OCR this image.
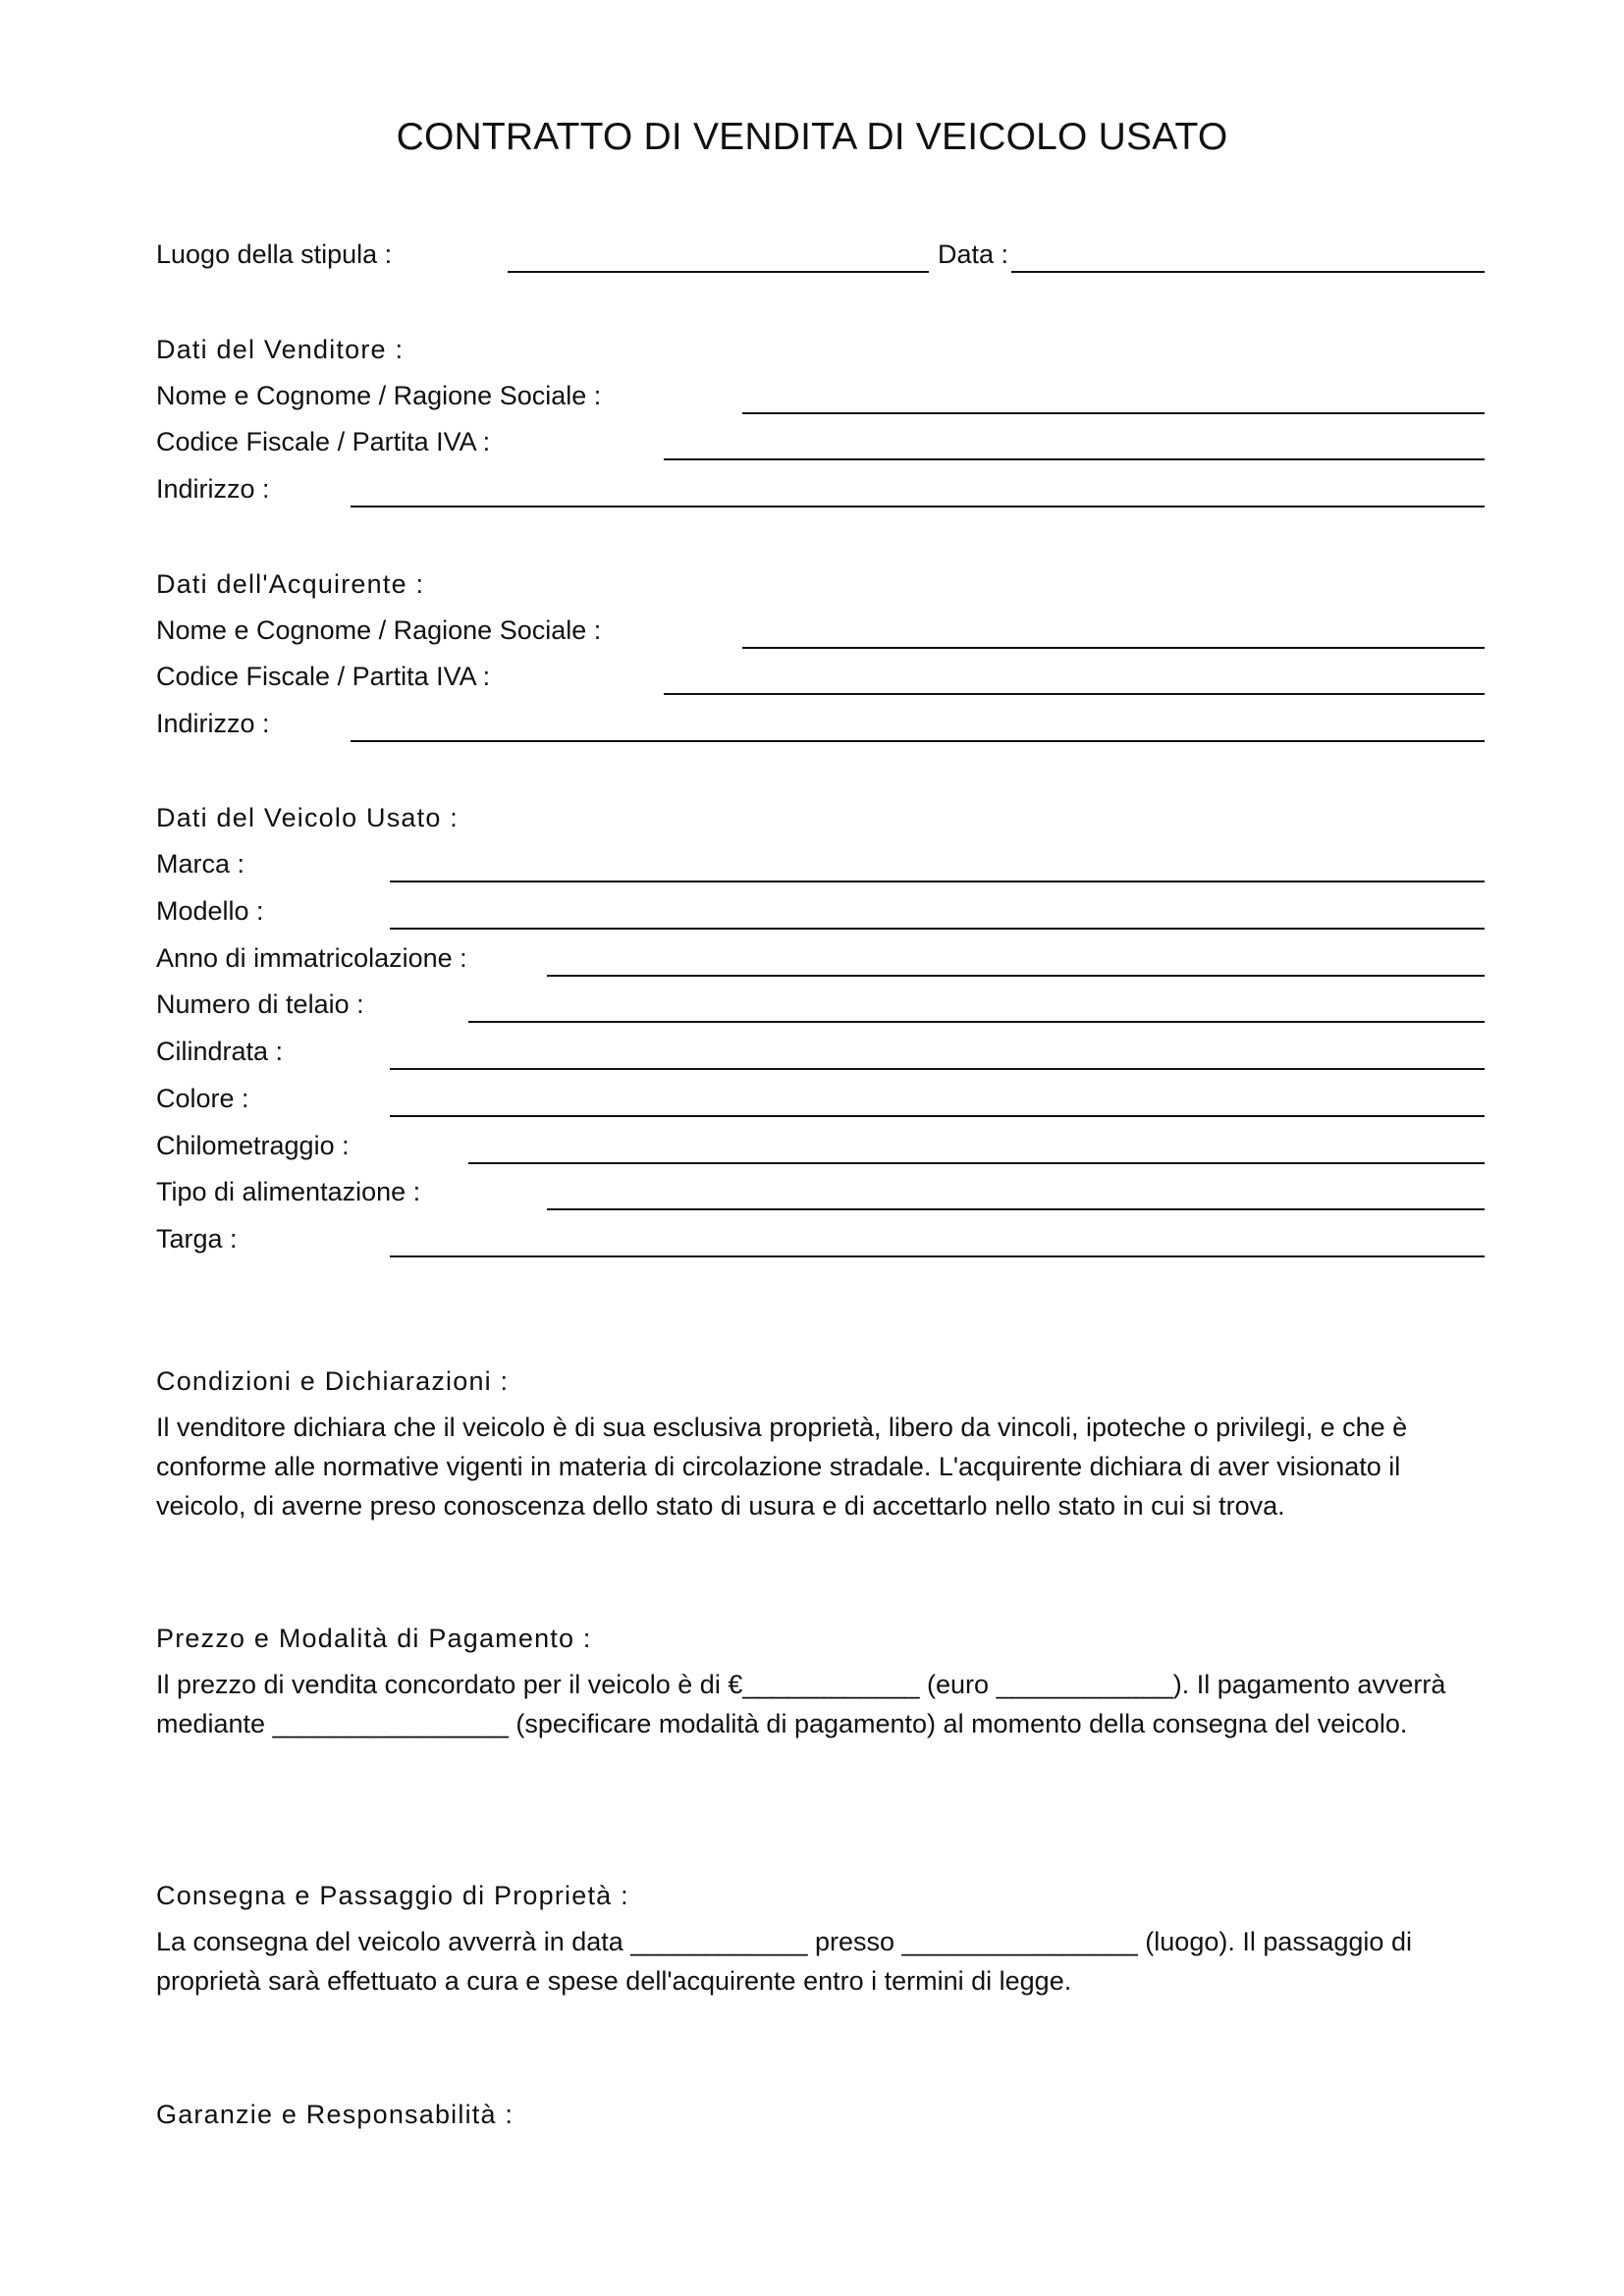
CONTRATTO DI VENDITA DI VEICOLO USATO
Luogo della stipula :	Data :
Dati del Venditore :
Nome e Cognome / Ragione Sociale :
Codice Fiscale / Partita IVA :
Indirizzo :
Dati dell'Acquirente :
Nome e Cognome / Ragione Sociale :
Codice Fiscale / Partita IVA :
Indirizzo :
Dati del Veicolo Usato :
Marca :
Modello :
Anno di immatricolazione :
Numero di telaio :
Cilindrata :
Colore :
Chilometraggio :
Tipo di alimentazione :
Targa :
Condizioni e Dichiarazioni :

Il venditore dichiara che il veicolo è di sua esclusiva proprietà, libero da vincoli, ipoteche o privilegi, e che è conforme alle normative vigenti in materia di circolazione stradale. L'acquirente dichiara di aver visionato il veicolo, di averne preso conoscenza dello stato di usura e di accettarlo nello stato in cui si trova.

Prezzo e Modalità di Pagamento :

Il prezzo di vendita concordato per il veicolo è di €____________ (euro ____________). Il pagamento avverrà mediante ________________ (specificare modalità di pagamento) al momento della consegna del veicolo.

Consegna e Passaggio di Proprietà :

La consegna del veicolo avverrà in data ____________ presso ________________ (luogo). Il passaggio di proprietà sarà effettuato a cura e spese dell'acquirente entro i termini di legge.

Garanzie e Responsabilità :
